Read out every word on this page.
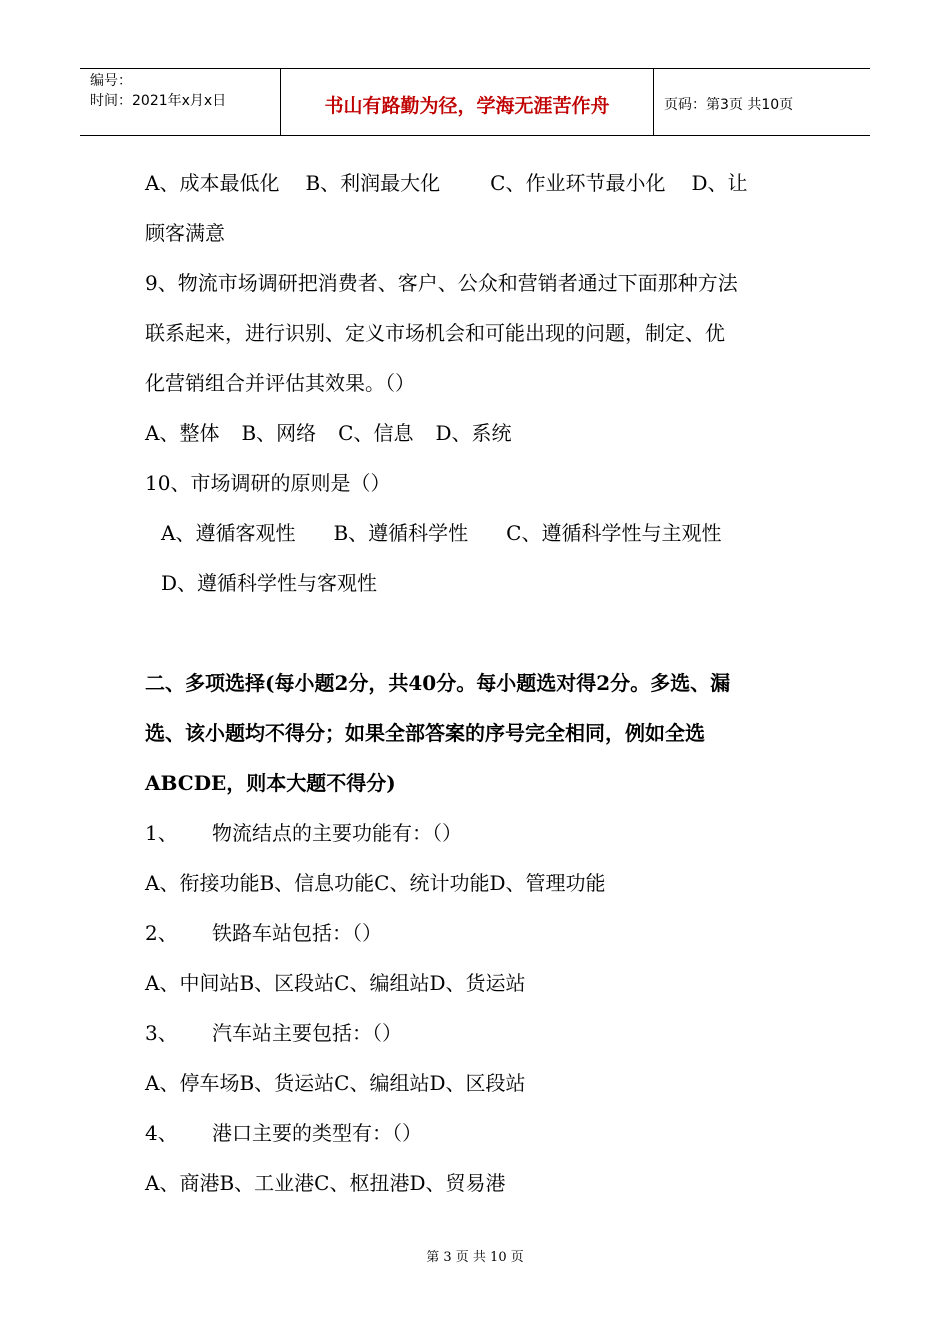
编号：
时间：2021年x月x日	书山有路勤为径，学海无涯苦作舟	页码：第3页 共10页
A、成本最低化 B、利润最大化	C、作业环节最小化 D、让
顾客满意
9、物流市场调研把消费者、客户、公众和营销者通过下面那种方法
联系起来，进行识别、定义市场机会和可能出现的问题，制定、优
化营销组合并评估其效果。（）
A、整体 B、网络 C、信息 D、系统
10、市场调研的原则是（）
A、遵循客观性 B、遵循科学性 C、遵循科学性与主观性
D、遵循科学性与客观性
二、多项选择(每小题2分，共40分。每小题选对得2分。多选、漏
选、该小题均不得分；如果全部答案的序号完全相同，例如全选
ABCDE，则本大题不得分)
1、 物流结点的主要功能有：（）
A、衔接功能B、信息功能C、统计功能D、管理功能
2、 铁路车站包括：（）
A、中间站B、区段站C、编组站D、货运站
3、 汽车站主要包括：（）
A、停车场B、货运站C、编组站D、区段站
4、 港口主要的类型有：（）
A、商港B、工业港C、枢扭港D、贸易港
第 3 页 共 10 页
